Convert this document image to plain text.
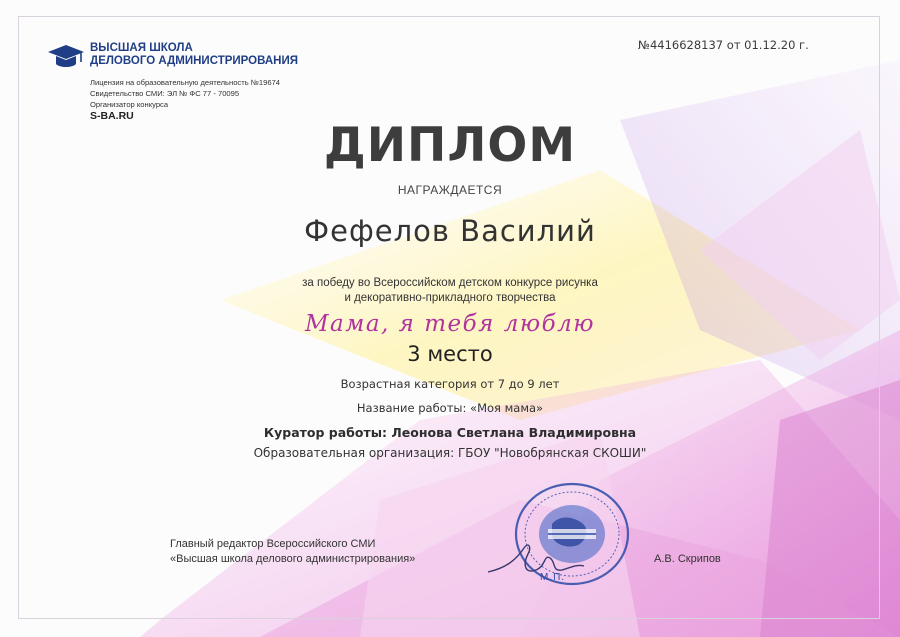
ВЫСШАЯ ШКОЛА
ДЕЛОВОГО АДМИНИСТРИРОВАНИЯ
Лицензия на образовательную деятельность №19674
Свидетельство СМИ: ЭЛ № ФС 77 - 70095
Организатор конкурса
S-BA.RU
№4416628137 от 01.12.20 г.
ДИПЛОМ
НАГРАЖДАЕТСЯ
Фефелов Василий
за победу во Всероссийском детском конкурсе рисунка
и декоративно-прикладного творчества
Мама, я тебя люблю
3 место
Возрастная категория от 7 до 9 лет
Название работы: «Моя мама»
Куратор работы: Леонова Светлана Владимировна
Образовательная организация: ГБОУ "Новобрянская СКОШИ"
Главный редактор Всероссийского СМИ
«Высшая школа делового администрирования»
М.П.
А.В. Скрипов
